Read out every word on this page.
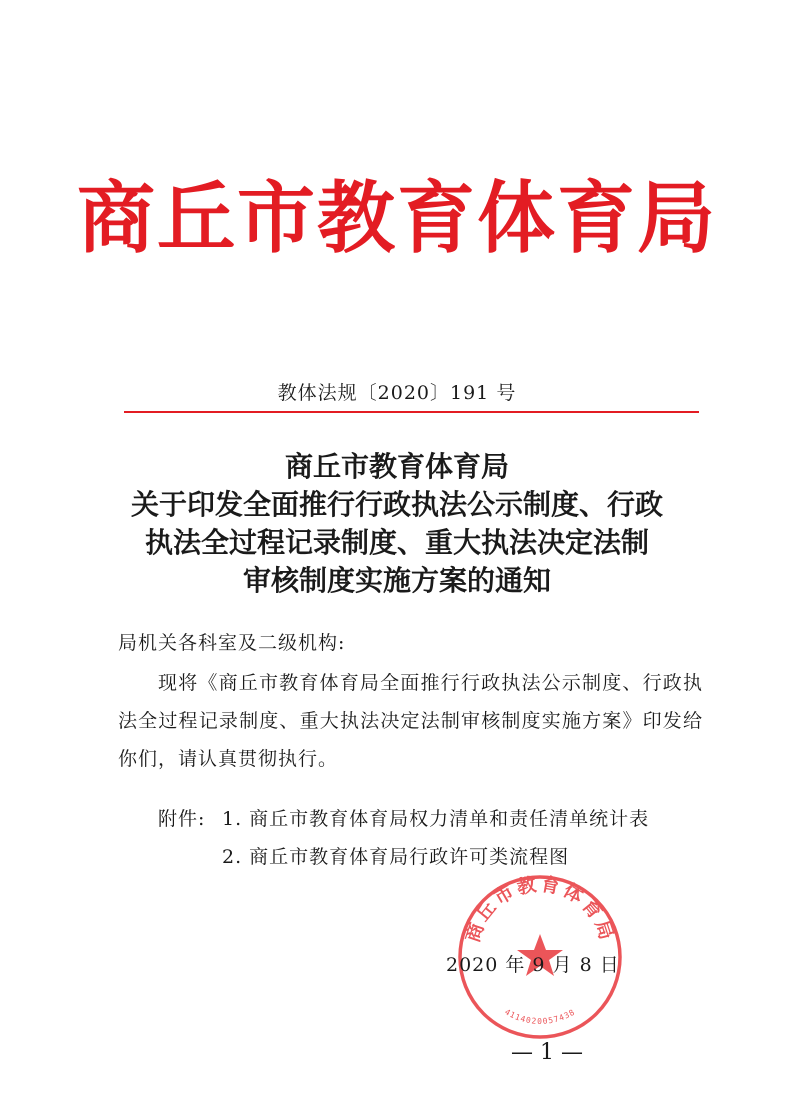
商丘市教育体育局
教体法规〔2020〕191 号
商丘市教育体育局
关于印发全面推行行政执法公示制度、行政
执法全过程记录制度、重大执法决定法制
审核制度实施方案的通知
局机关各科室及二级机构:
现将《商丘市教育体育局全面推行行政执法公示制度、行政执法全过程记录制度、重大执法决定法制审核制度实施方案》印发给你们，请认真贯彻执行。
附件: 1. 商丘市教育体育局权力清单和责任清单统计表
2. 商丘市教育体育局行政许可类流程图
商丘市教育体育局
4114020057438
2020 年 9 月 8 日
— 1 —
